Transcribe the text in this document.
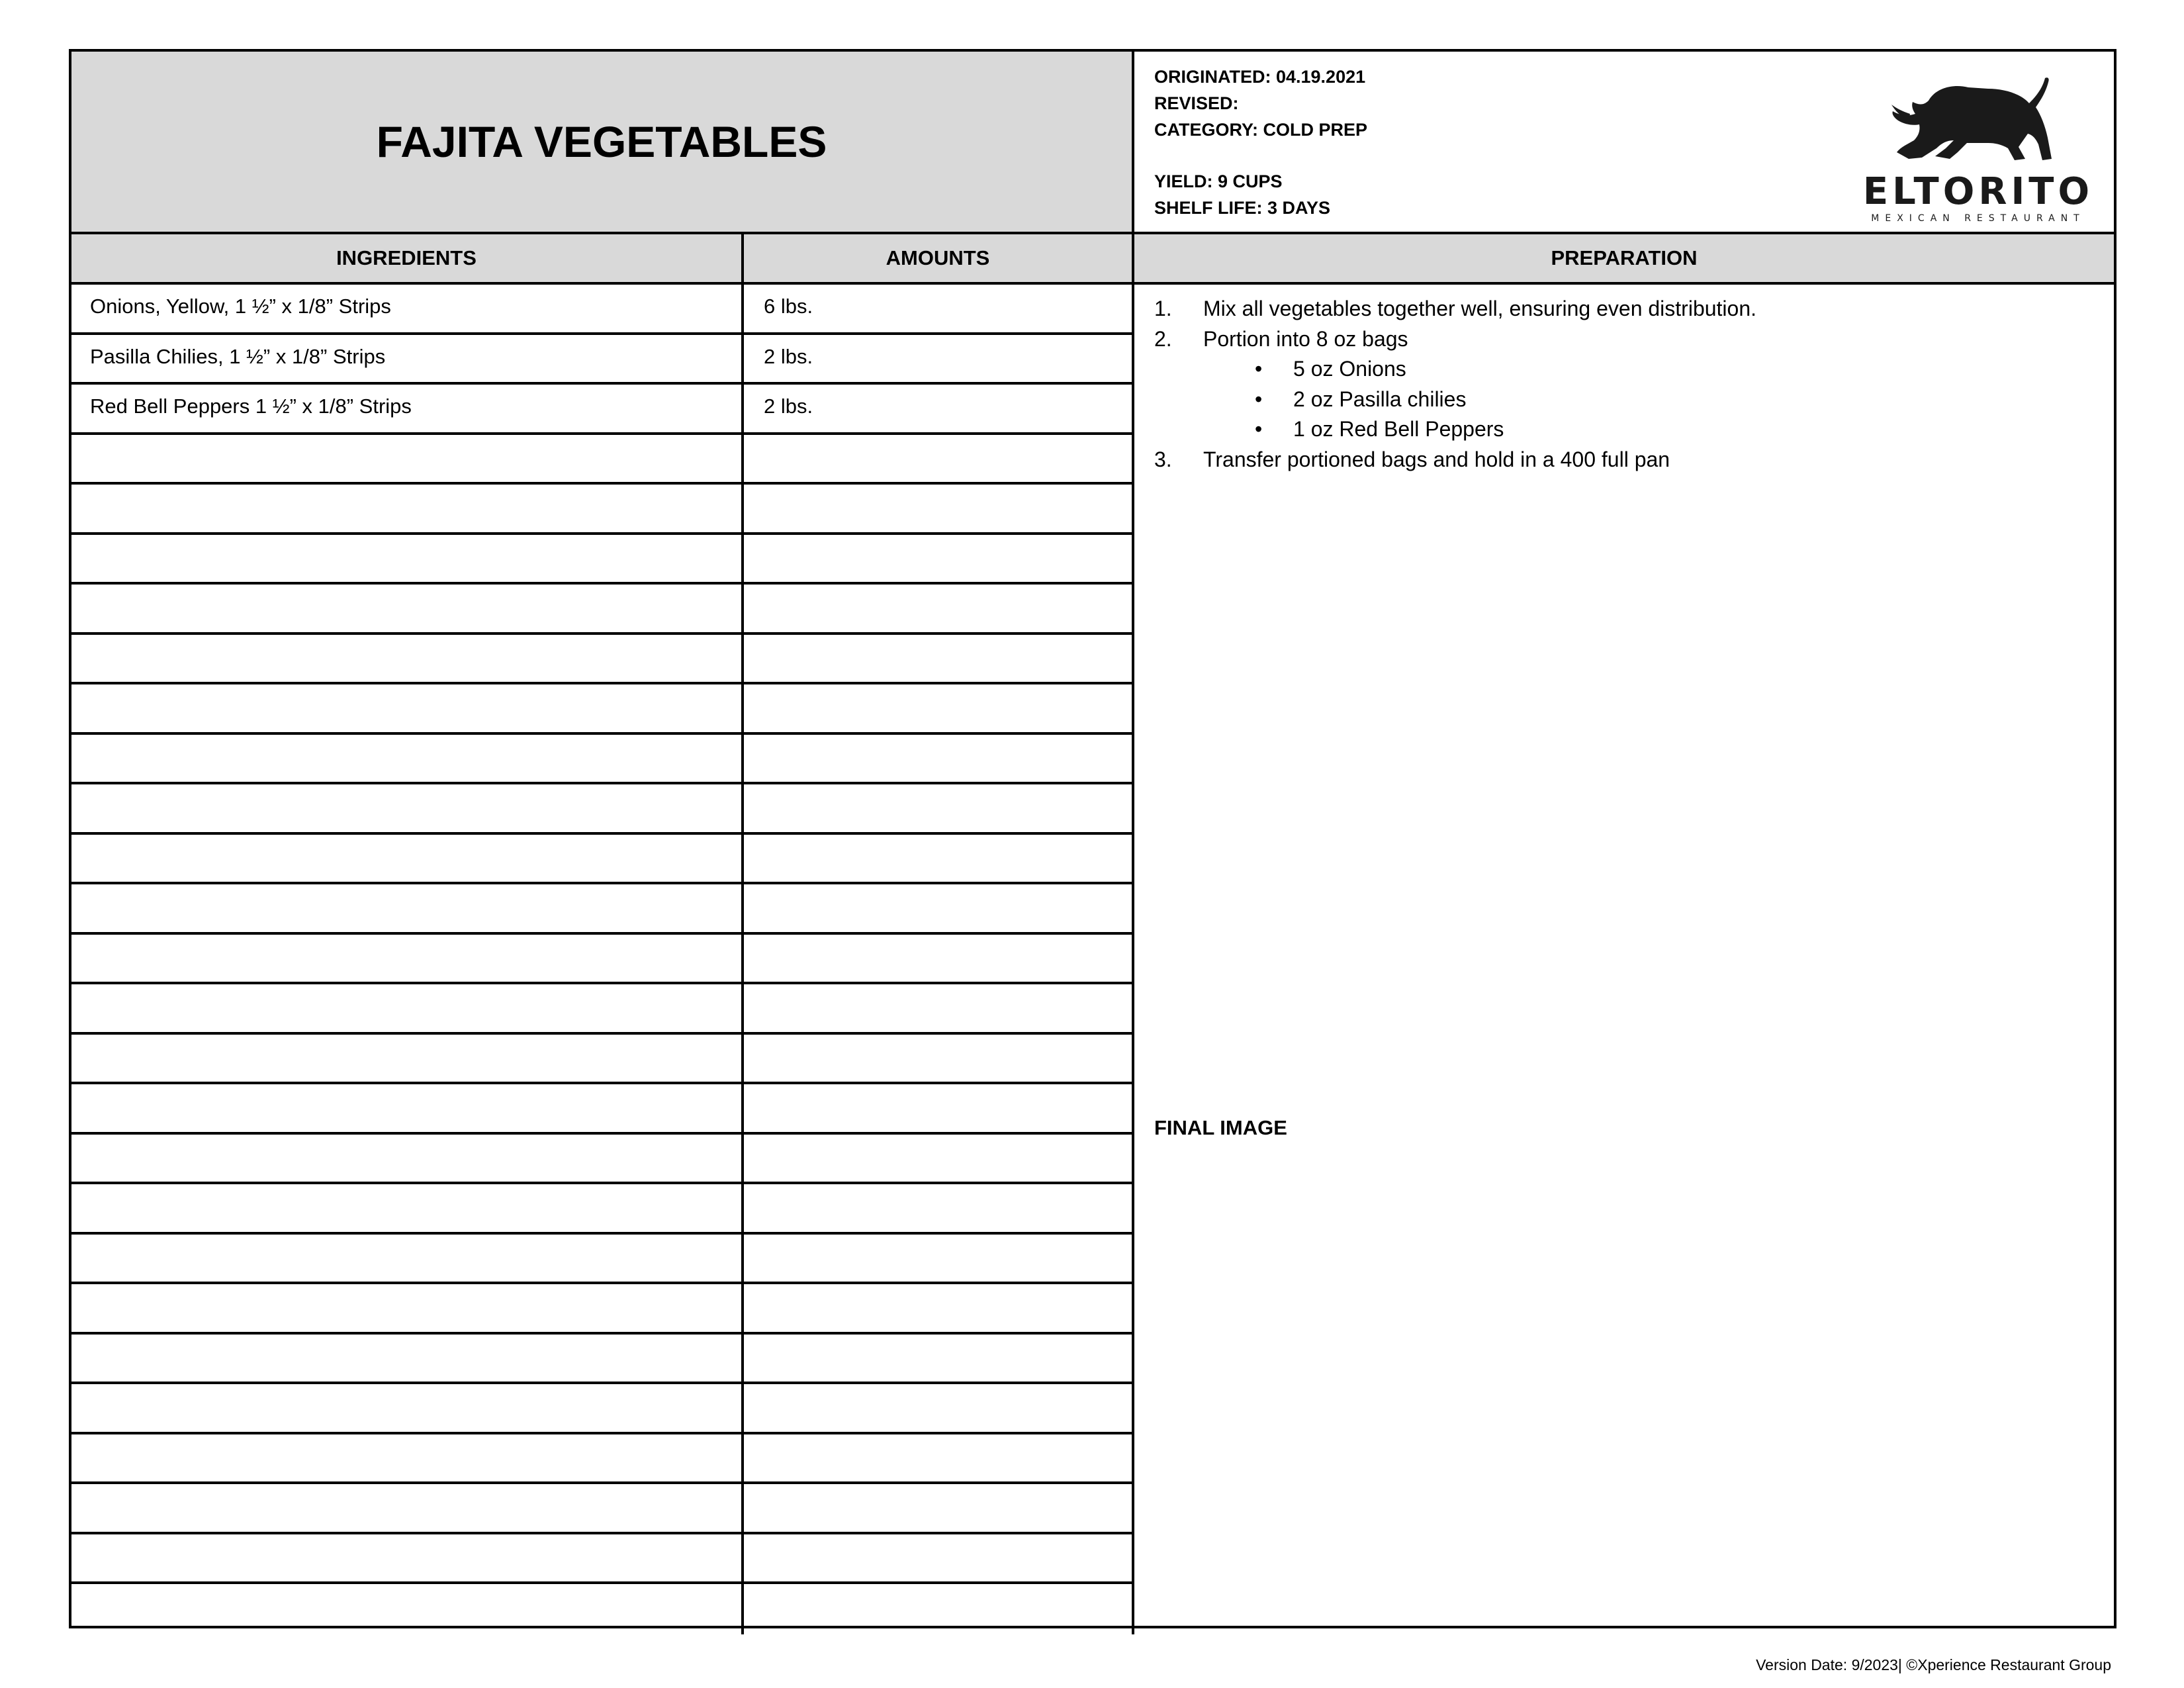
FAJITA VEGETABLES
ORIGINATED: 04.19.2021
REVISED:
CATEGORY: COLD PREP
YIELD: 9 CUPS
SHELF LIFE: 3 DAYS	ELTORITO
MEXICAN RESTAURANT
INGREDIENTS	AMOUNTS	PREPARATION
Onions, Yellow, 1 ½” x 1/8” Strips	6 lbs.
Pasilla Chilies, 1 ½” x 1/8” Strips	2 lbs.
Red Bell Peppers 1 ½” x 1/8” Strips	2 lbs.
1.	Mix all vegetables together well, ensuring even distribution.
2.	Portion into 8 oz bags
•	5 oz Onions
•	2 oz Pasilla chilies
•	1 oz Red Bell Peppers
3.	Transfer portioned bags and hold in a 400 full pan
FINAL IMAGE
Version Date: 9/2023| ©Xperience Restaurant Group
